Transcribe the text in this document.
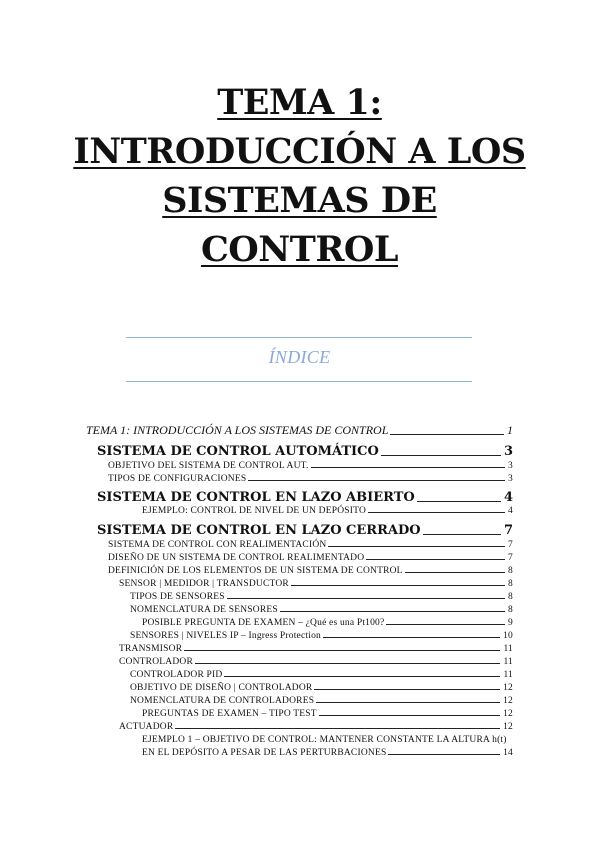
TEMA 1:
INTRODUCCIÓN A LOS
SISTEMAS DE
CONTROL
ÍNDICE
TEMA 1: INTRODUCCIÓN A LOS SISTEMAS DE CONTROL	1
SISTEMA DE CONTROL AUTOMÁTICO	3
OBJETIVO DEL SISTEMA DE CONTROL AUT.	3
TIPOS DE CONFIGURACIONES	3
SISTEMA DE CONTROL EN LAZO ABIERTO	4
EJEMPLO: CONTROL DE NIVEL DE UN DEPÓSITO	4
SISTEMA DE CONTROL EN LAZO CERRADO	7
SISTEMA DE CONTROL CON REALIMENTACIÓN	7
DISEÑO DE UN SISTEMA DE CONTROL REALIMENTADO	7
DEFINICIÓN DE LOS ELEMENTOS DE UN SISTEMA DE CONTROL	8
SENSOR | MEDIDOR | TRANSDUCTOR	8
TIPOS DE SENSORES	8
NOMENCLATURA DE SENSORES	8
POSIBLE PREGUNTA DE EXAMEN – ¿Qué es una Pt100?	9
SENSORES | NIVELES IP – Ingress Protection	10
TRANSMISOR	11
CONTROLADOR	11
CONTROLADOR PID	11
OBJETIVO DE DISEÑO | CONTROLADOR	12
NOMENCLATURA DE CONTROLADORES	12
PREGUNTAS DE EXAMEN – TIPO TEST	12
ACTUADOR	12
EJEMPLO 1 – OBJETIVO DE CONTROL: MANTENER CONSTANTE LA ALTURA h(t)
EN EL DEPÓSITO A PESAR DE LAS PERTURBACIONES	14
